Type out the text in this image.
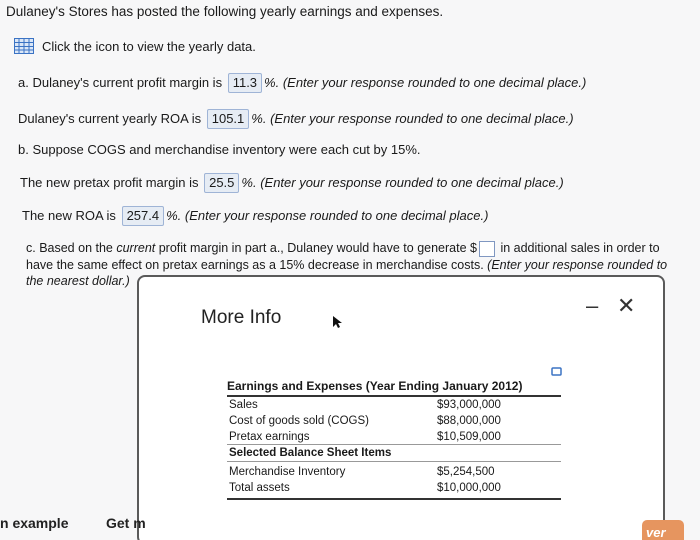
Dulaney's Stores has posted the following yearly earnings and expenses.
Click the icon to view the yearly data.
a. Dulaney's current profit margin is 11.3 %. (Enter your response rounded to one decimal place.)
Dulaney's current yearly ROA is 105.1 %. (Enter your response rounded to one decimal place.)
b. Suppose COGS and merchandise inventory were each cut by 15%.
The new pretax profit margin is 25.5 %. (Enter your response rounded to one decimal place.)
The new ROA is 257.4 %. (Enter your response rounded to one decimal place.)
c. Based on the current profit margin in part a., Dulaney would have to generate $ in additional sales in order to have the same effect on pretax earnings as a 15% decrease in merchandise costs. (Enter your response rounded to the nearest dollar.)
More Info	– ✕
Earnings and Expenses (Year Ending January 2012)
Sales	$93,000,000
Cost of goods sold (COGS)	$88,000,000
Pretax earnings	$10,509,000
Selected Balance Sheet Items
Merchandise Inventory	$5,254,500
Total assets	$10,000,000
n example	Get m
ver
